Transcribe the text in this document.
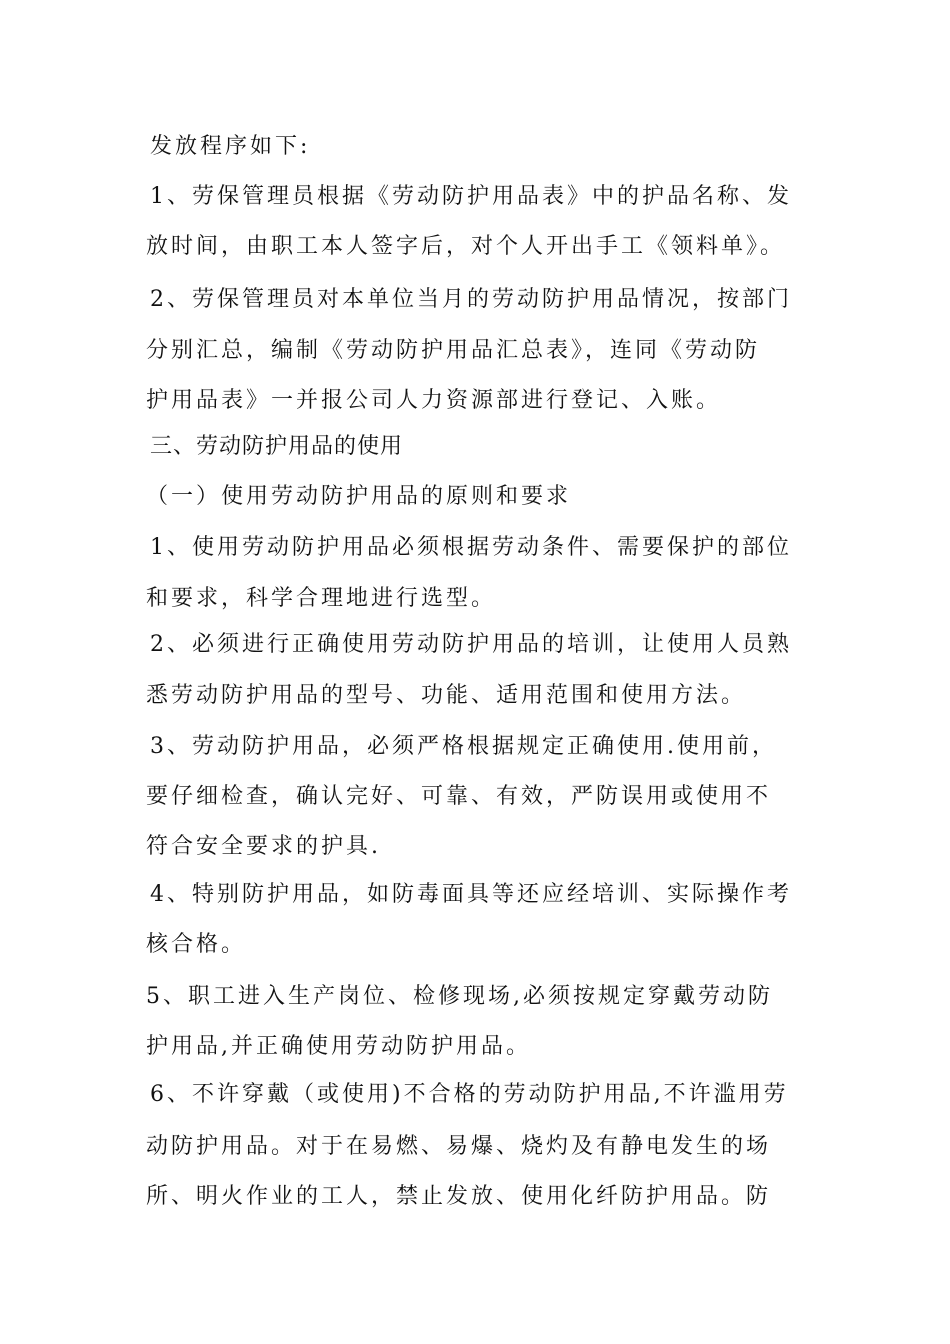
发放程序如下:
1、劳保管理员根据《劳动防护用品表》中的护品名称、发
放时间，由职工本人签字后，对个人开出手工《领料单》。
2、劳保管理员对本单位当月的劳动防护用品情况，按部门
分别汇总，编制《劳动防护用品汇总表》，连同《劳动防
护用品表》一并报公司人力资源部进行登记、入账。
三、劳动防护用品的使用
（一）使用劳动防护用品的原则和要求
1、使用劳动防护用品必须根据劳动条件、需要保护的部位
和要求，科学合理地进行选型。
2、必须进行正确使用劳动防护用品的培训，让使用人员熟
悉劳动防护用品的型号、功能、适用范围和使用方法。
3、劳动防护用品，必须严格根据规定正确使用.使用前，
要仔细检查，确认完好、可靠、有效，严防误用或使用不
符合安全要求的护具.
4、特别防护用品，如防毒面具等还应经培训、实际操作考
核合格。
5、职工进入生产岗位、检修现场,必须按规定穿戴劳动防
护用品,并正确使用劳动防护用品。
6、不许穿戴（或使用)不合格的劳动防护用品,不许滥用劳
动防护用品。对于在易燃、易爆、烧灼及有静电发生的场
所、明火作业的工人，禁止发放、使用化纤防护用品。防
